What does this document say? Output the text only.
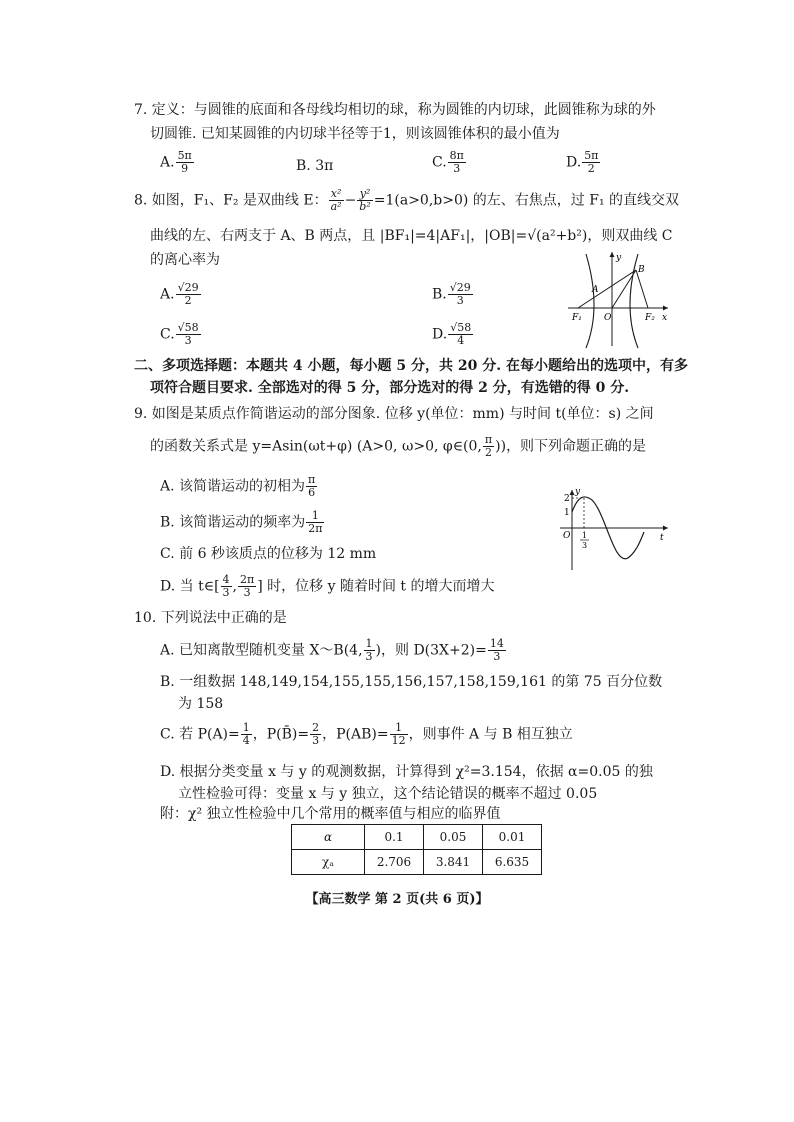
7. 定义：与圆锥的底面和各母线均相切的球，称为圆锥的内切球，此圆锥称为球的外
切圆锥. 已知某圆锥的内切球半径等于1，则该圆锥体积的最小值为
A. $\frac{5\pi}{9}$	B. 3π	C. $\frac{8\pi}{3}$	D. $\frac{5\pi}{2}$
8. 如图，F₁、F₂ 是双曲线 E： $\frac{\text{x²}}{\text{a²}} - \frac{\text{y²}}{\text{b²}} =1(a>0,b>0)$ 的左、右焦点，过 F₁ 的直线交双
曲线的左、右两支于 A、B 两点，且 |BF₁|=4|AF₁|，|OB|=√(a²+b²)，则双曲线 C
的离心率为
A. $\frac{√29}{2}$	B. $\frac{√29}{3}$
C. $\frac{√58}{3}$	D. $\frac{√58}{4}$
A
B
F₁	F₂
O	x
y
二、多项选择题：本题共 4 小题，每小题 5 分，共 20 分. 在每小题给出的选项中，有多
项符合题目要求. 全部选对的得 5 分，部分选对的得 2 分，有选错的得 0 分.
9. 如图是某质点作简谐运动的部分图象. 位移 y(单位：mm) 与时间 t(单位：s) 之间
的函数关系式是 y=Asin(ωt+φ) (A>0, ω>0, φ∈(0, $\frac{\pi}{2}$ ))，则下列命题正确的是
A. 该简谐运动的初相为 $\frac{\pi}{6}$
B. 该简谐运动的频率为 $\frac{1}{2\pi}$
C. 前 6 秒该质点的位移为 12 mm
D. 当 t∈[ $\frac{4}{3}$ , $\frac{2\pi}{3}$ ] 时，位移 y 随着时间 t 的增大而增大
y
t
O
2
1
1
3
10. 下列说法中正确的是
A. 已知离散型随机变量 X～B(4, $\frac{1}{3}$ )，则 $D(3X+2)= \frac{14}{3}$
B. 一组数据 148,149,154,155,155,156,157,158,159,161 的第 75 百分位数
为 158
C. 若 $P(A)= \frac{1}{4}$ ，P(B̄)= $\frac{2}{3}$ ，$P(AB)= \frac{1}{12}$ ，则事件 A 与 B 相互独立
D. 根据分类变量 x 与 y 的观测数据，计算得到 χ²=3.154，依据 α=0.05 的独
立性检验可得：变量 x 与 y 独立，这个结论错误的概率不超过 0.05
附：χ² 独立性检验中几个常用的概率值与相应的临界值
α	0.1	0.05	0.01
χₐ	2.706	3.841	6.635
【高三数学 第 2 页(共 6 页)】
